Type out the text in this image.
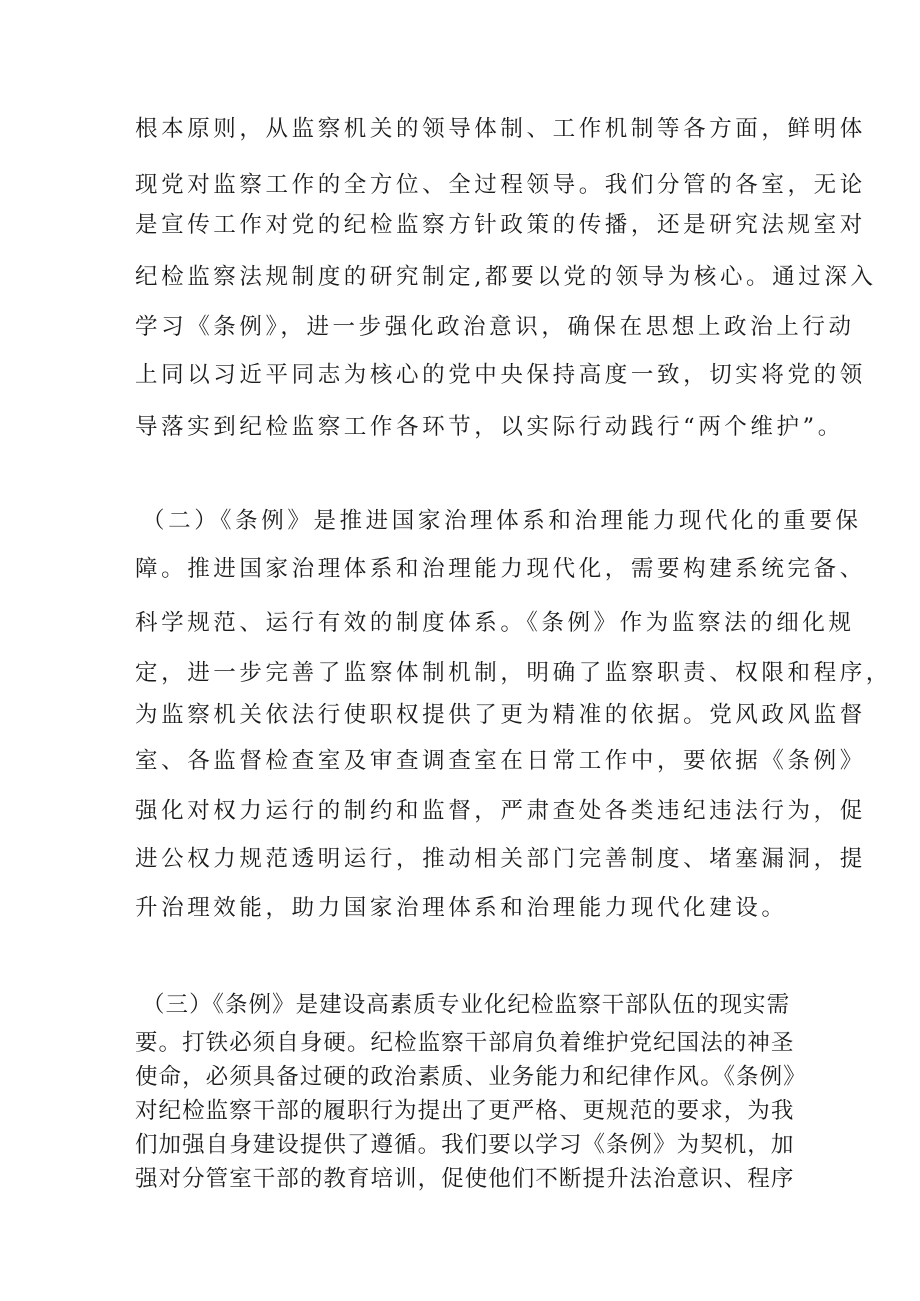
根本原则，从监察机关的领导体制、工作机制等各方面，鲜明体
现党对监察工作的全方位、全过程领导。我们分管的各室，无论
是宣传工作对党的纪检监察方针政策的传播，还是研究法规室对
纪检监察法规制度的研究制定,都要以党的领导为核心。通过深入
学习《条例》，进一步强化政治意识，确保在思想上政治上行动
上同以习近平同志为核心的党中央保持高度一致，切实将党的领
导落实到纪检监察工作各环节，以实际行动践行“两个维护”。
（二）《条例》是推进国家治理体系和治理能力现代化的重要保
障。推进国家治理体系和治理能力现代化，需要构建系统完备、
科学规范、运行有效的制度体系。《条例》作为监察法的细化规
定，进一步完善了监察体制机制，明确了监察职责、权限和程序，
为监察机关依法行使职权提供了更为精准的依据。党风政风监督
室、各监督检查室及审查调查室在日常工作中，要依据《条例》
强化对权力运行的制约和监督，严肃查处各类违纪违法行为，促
进公权力规范透明运行，推动相关部门完善制度、堵塞漏洞，提
升治理效能，助力国家治理体系和治理能力现代化建设。
（三）《条例》是建设高素质专业化纪检监察干部队伍的现实需
要。打铁必须自身硬。纪检监察干部肩负着维护党纪国法的神圣
使命，必须具备过硬的政治素质、业务能力和纪律作风。《条例》
对纪检监察干部的履职行为提出了更严格、更规范的要求，为我
们加强自身建设提供了遵循。我们要以学习《条例》为契机，加
强对分管室干部的教育培训，促使他们不断提升法治意识、程序
